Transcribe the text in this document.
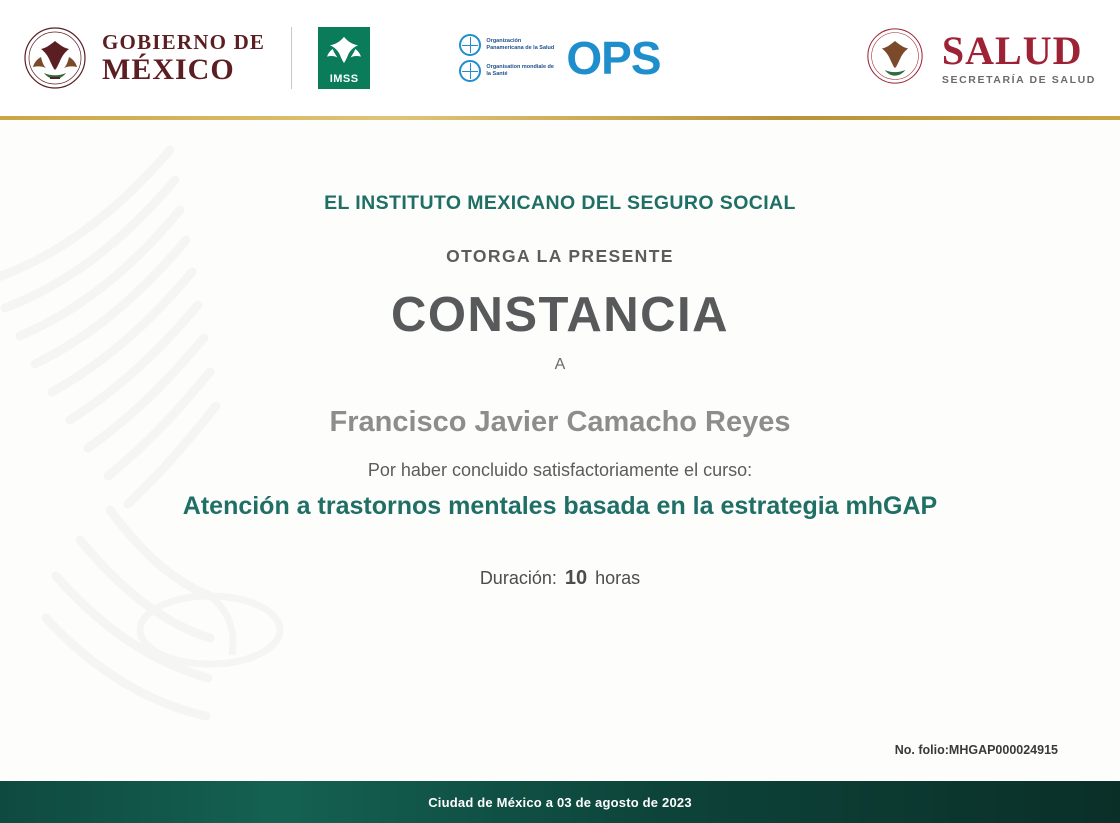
GOBIERNO DE
MÉXICO	IMSS
Organización Panamericana de la Salud
Organisation mondiale de la Santé	OPS	SALUD
SECRETARÍA DE SALUD
EL INSTITUTO MEXICANO DEL SEGURO SOCIAL
OTORGA LA PRESENTE
CONSTANCIA
A
Francisco Javier Camacho Reyes
Por haber concluido satisfactoriamente el curso:
Atención a trastornos mentales basada en la estrategia mhGAP
Duración: 10 horas
No. folio:MHGAP000024915
Ciudad de México a 03 de agosto de 2023
